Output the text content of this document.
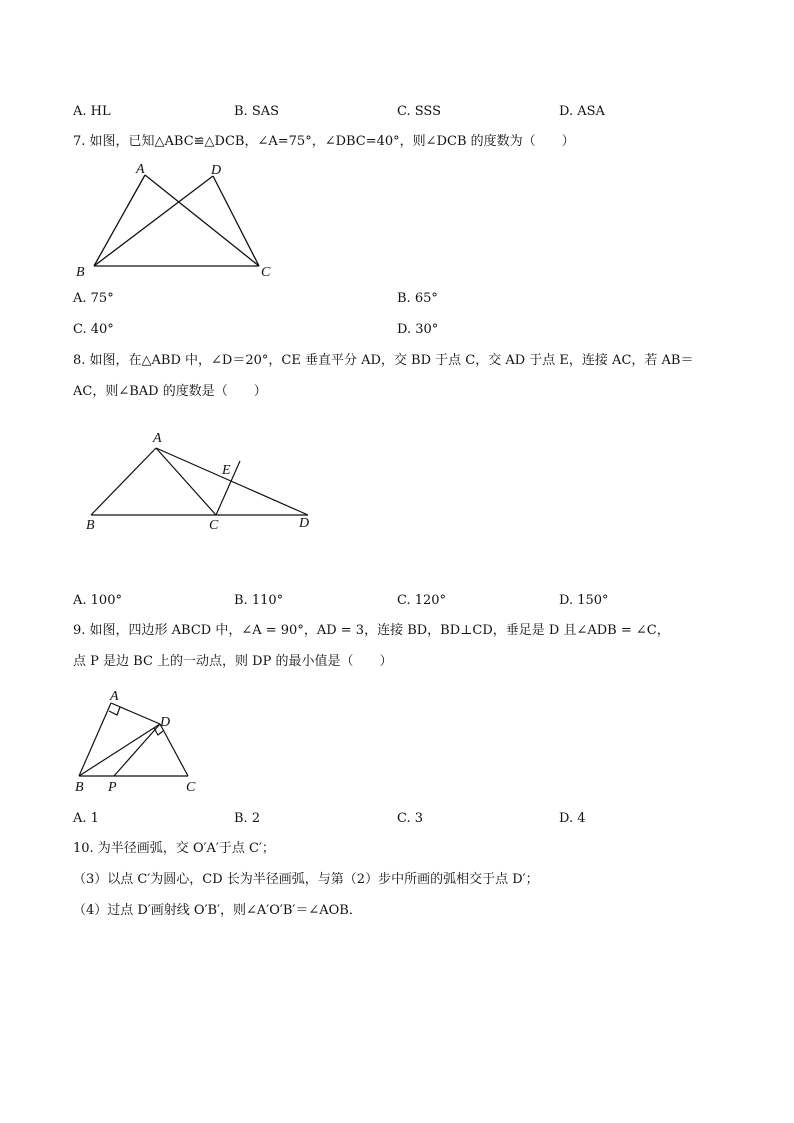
A. HL	B. SAS	C. SSS	D. ASA
7. 如图，已知△ABC≌△DCB，∠A=75°，∠DBC=40°，则∠DCB 的度数为（　　）
A	D
B	C
A. 75°	B. 65°
C. 40°	D. 30°
8. 如图，在△ABD 中，∠D＝20°，CE 垂直平分 AD，交 BD 于点 C，交 AD 于点 E，连接 AC，若 AB＝
AC，则∠BAD 的度数是（　　）
A
E
B	C	D
A. 100°	B. 110°	C. 120°	D. 150°
9. 如图，四边形 ABCD 中，∠A = 90°，AD = 3，连接 BD，BD⊥CD，垂足是 D 且∠ADB = ∠C，
点 P 是边 BC 上的一动点，则 DP 的最小值是（　　）
A
D
B P	C
A. 1	B. 2	C. 3	D. 4
10. 为半径画弧，交 O′A′于点 C′；
（3）以点 C′为圆心，CD 长为半径画弧，与第（2）步中所画的弧相交于点 D′；
（4）过点 D′画射线 O′B′，则∠A′O′B′＝∠AOB．
